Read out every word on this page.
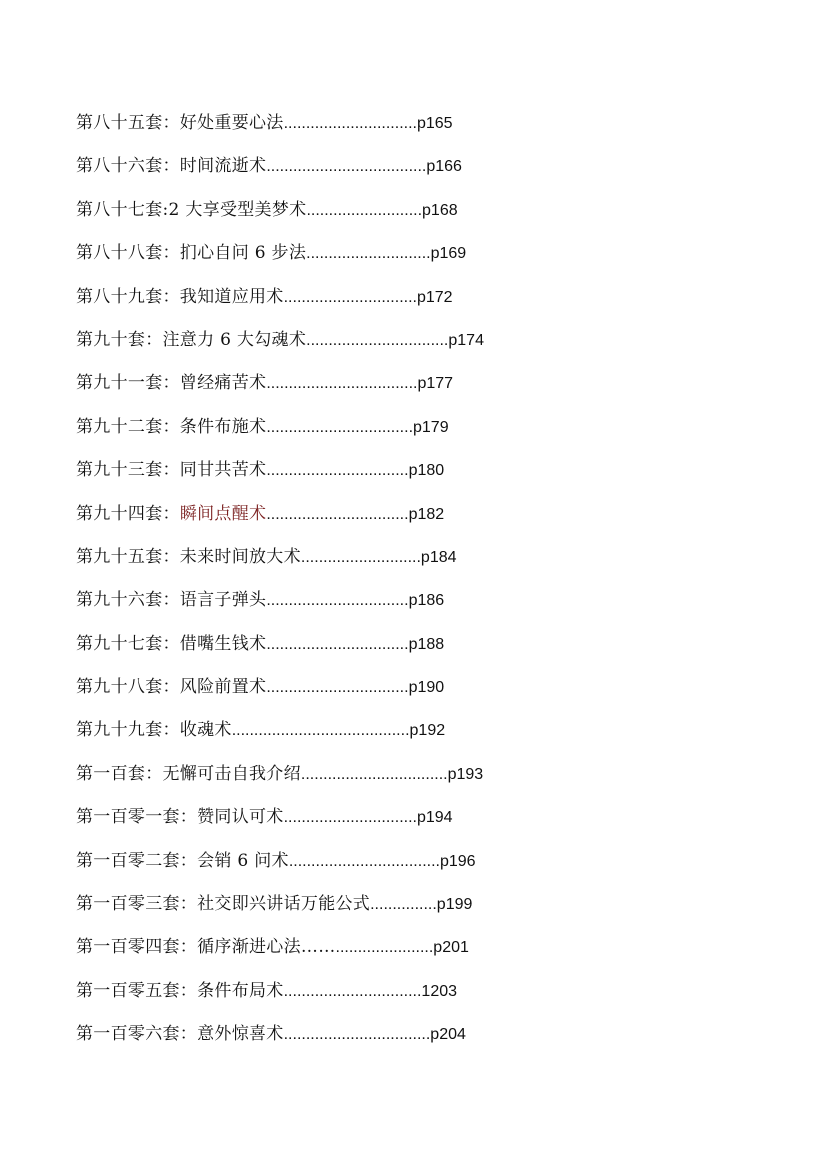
第八十五套：好处重要心法..............................p165
第八十六套：时间流逝术....................................p166
第八十七套:2 大享受型美梦术..........................p168
第八十八套：扪心自问 6 步法............................p169
第八十九套：我知道应用术..............................p172
第九十套：注意力 6 大勾魂术................................p174
第九十一套：曾经痛苦术..................................p177
第九十二套：条件布施术.................................p179
第九十三套：同甘共苦术................................p180
第九十四套：瞬间点醒术................................p182
第九十五套：未来时间放大术...........................p184
第九十六套：语言子弹头................................p186
第九十七套：借嘴生钱术................................p188
第九十八套：风险前置术................................p190
第九十九套：收魂术........................................p192
第一百套：无懈可击自我介绍.................................p193
第一百零一套：赞同认可术..............................p194
第一百零二套：会销 6 问术..................................p196
第一百零三套：社交即兴讲话万能公式...............p199
第一百零四套：循序渐进心法……......................p201
第一百零五套：条件布局术...............................1203
第一百零六套：意外惊喜术.................................p204
